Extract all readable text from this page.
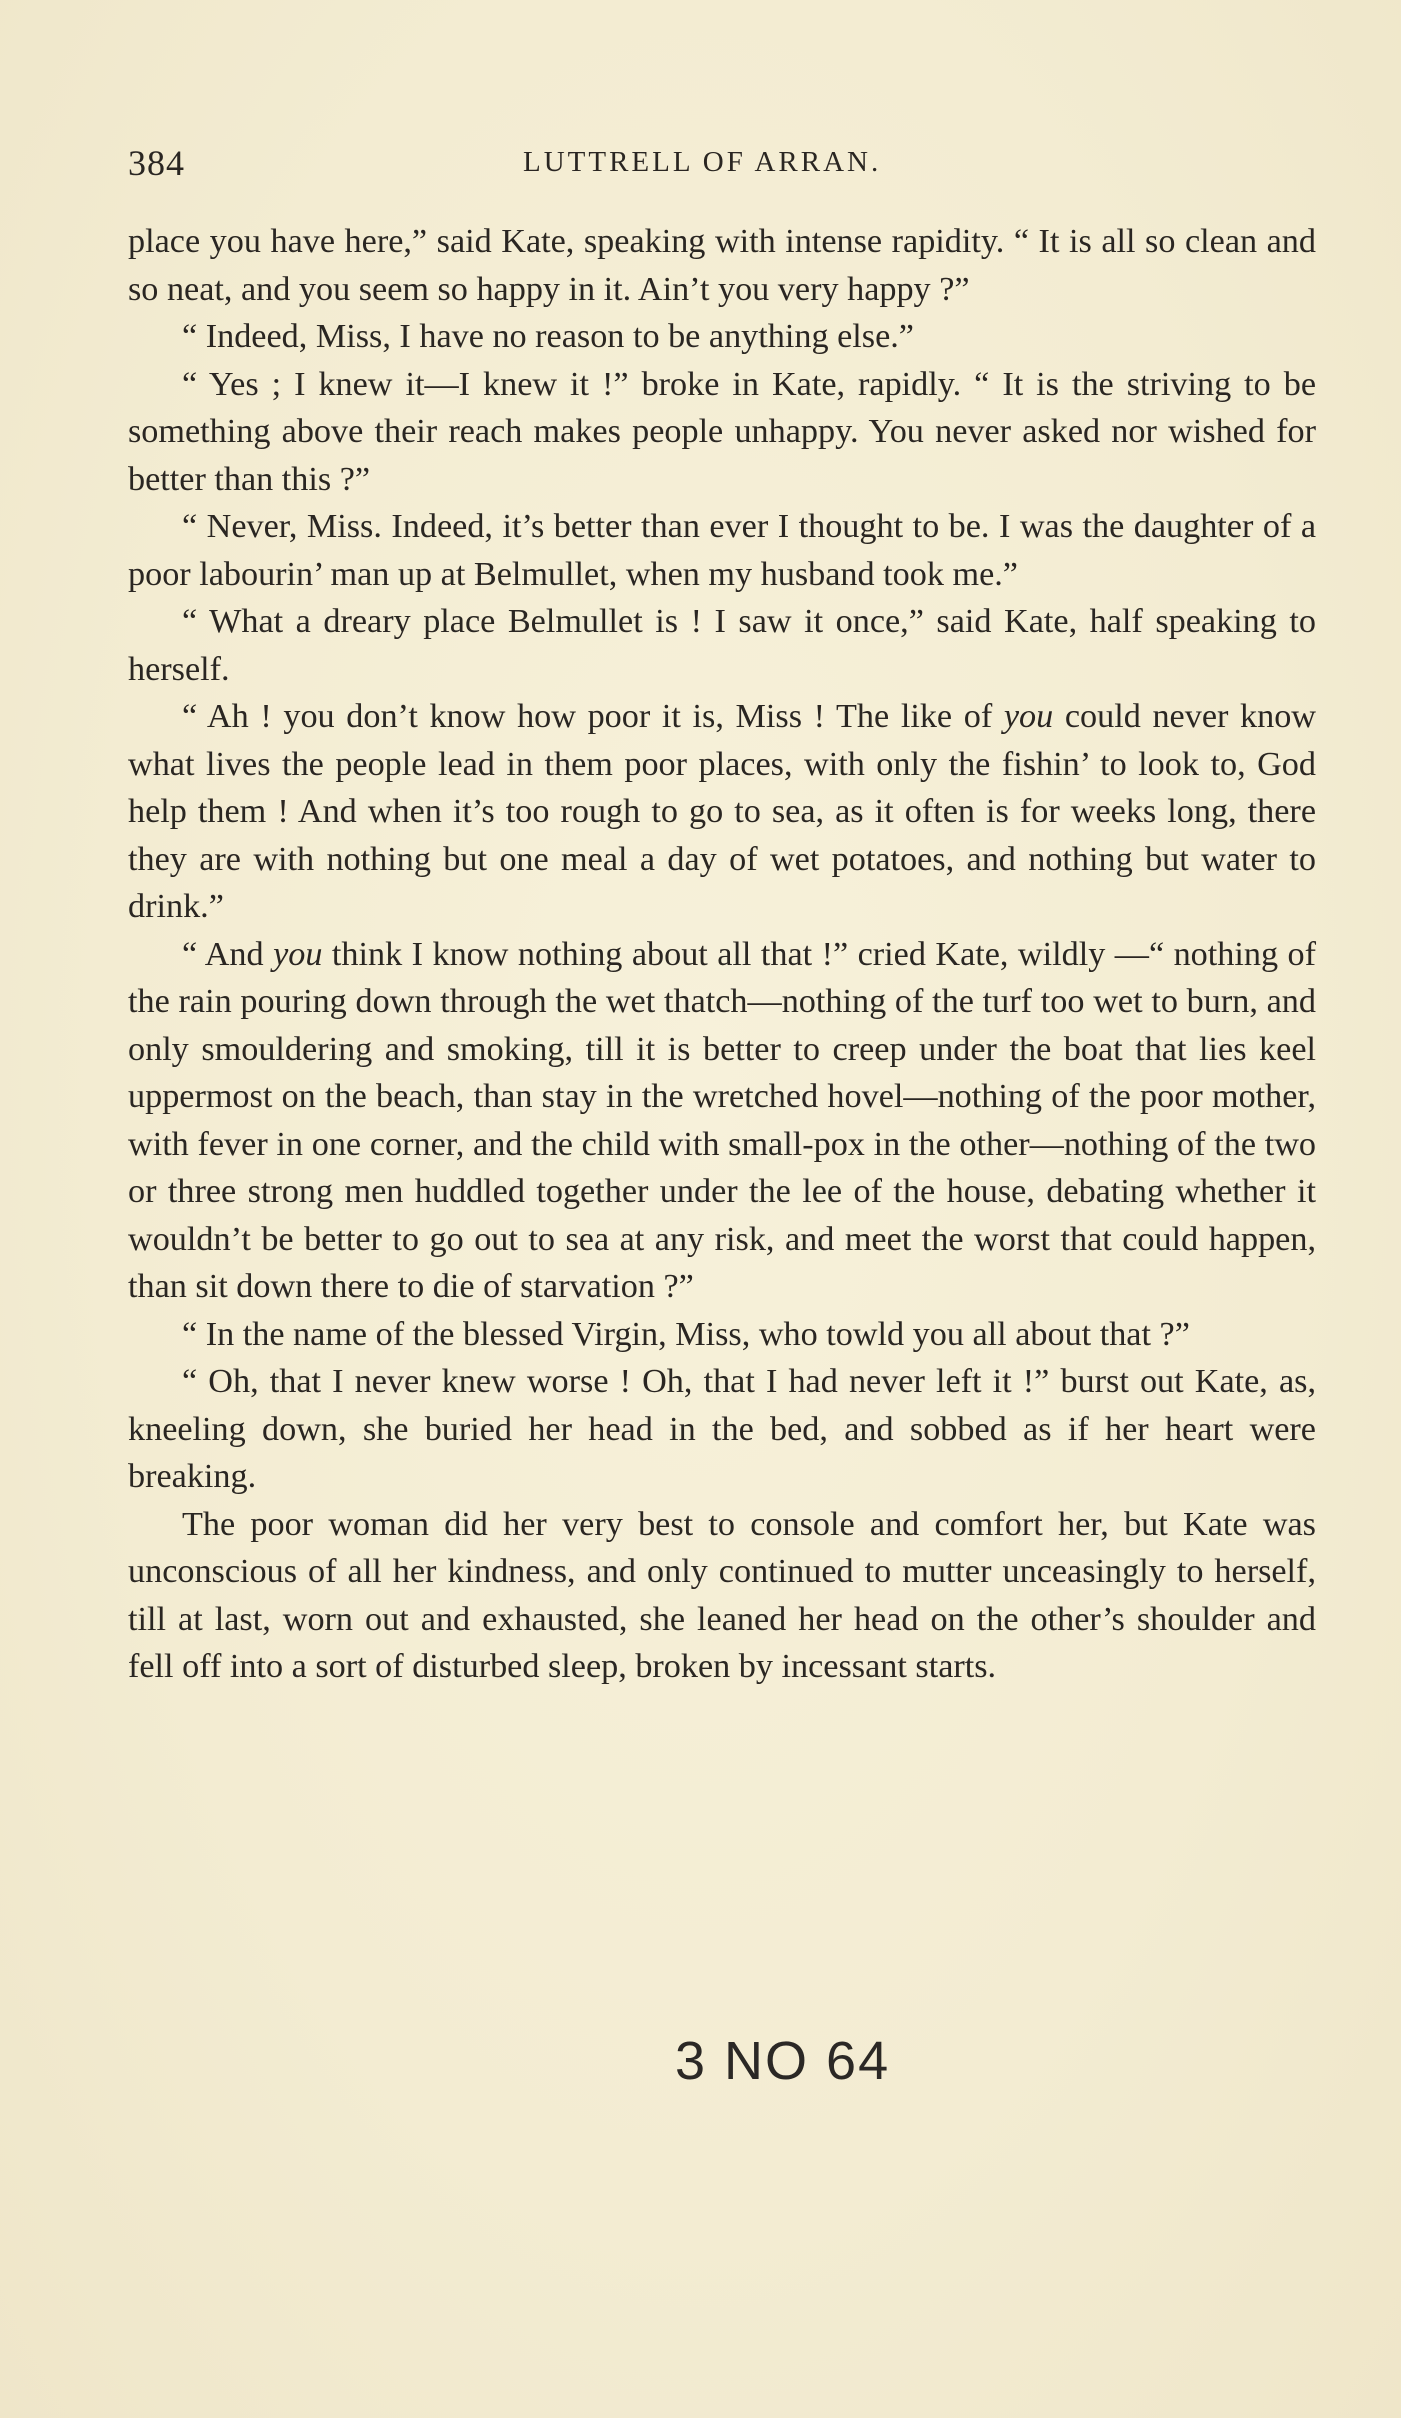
384	LUTTRELL OF ARRAN.

place you have here,” said Kate, speaking with intense rapidity. “ It is all so clean and so neat, and you seem so happy in it. Ain’t you very happy ?”

“ Indeed, Miss, I have no reason to be anything else.”

“ Yes ; I knew it—I knew it !” broke in Kate, rapidly. “ It is the striving to be something above their reach makes people unhappy. You never asked nor wished for better than this ?”

“ Never, Miss. Indeed, it’s better than ever I thought to be. I was the daughter of a poor labourin’ man up at Belmullet, when my husband took me.”

“ What a dreary place Belmullet is ! I saw it once,” said Kate, half speaking to herself.

“ Ah ! you don’t know how poor it is, Miss ! The like of you could never know what lives the people lead in them poor places, with only the fishin’ to look to, God help them ! And when it’s too rough to go to sea, as it often is for weeks long, there they are with nothing but one meal a day of wet potatoes, and nothing but water to drink.”

“ And you think I know nothing about all that !” cried Kate, wildly —“ nothing of the rain pouring down through the wet thatch—nothing of the turf too wet to burn, and only smouldering and smoking, till it is better to creep under the boat that lies keel uppermost on the beach, than stay in the wretched hovel—nothing of the poor mother, with fever in one corner, and the child with small-pox in the other—nothing of the two or three strong men huddled together under the lee of the house, debating whether it wouldn’t be better to go out to sea at any risk, and meet the worst that could happen, than sit down there to die of starvation ?”

“ In the name of the blessed Virgin, Miss, who towld you all about that ?”

“ Oh, that I never knew worse ! Oh, that I had never left it !” burst out Kate, as, kneeling down, she buried her head in the bed, and sobbed as if her heart were breaking.

The poor woman did her very best to console and comfort her, but Kate was unconscious of all her kindness, and only continued to mutter unceasingly to herself, till at last, worn out and exhausted, she leaned her head on the other’s shoulder and fell off into a sort of disturbed sleep, broken by incessant starts.

3 NO 64
